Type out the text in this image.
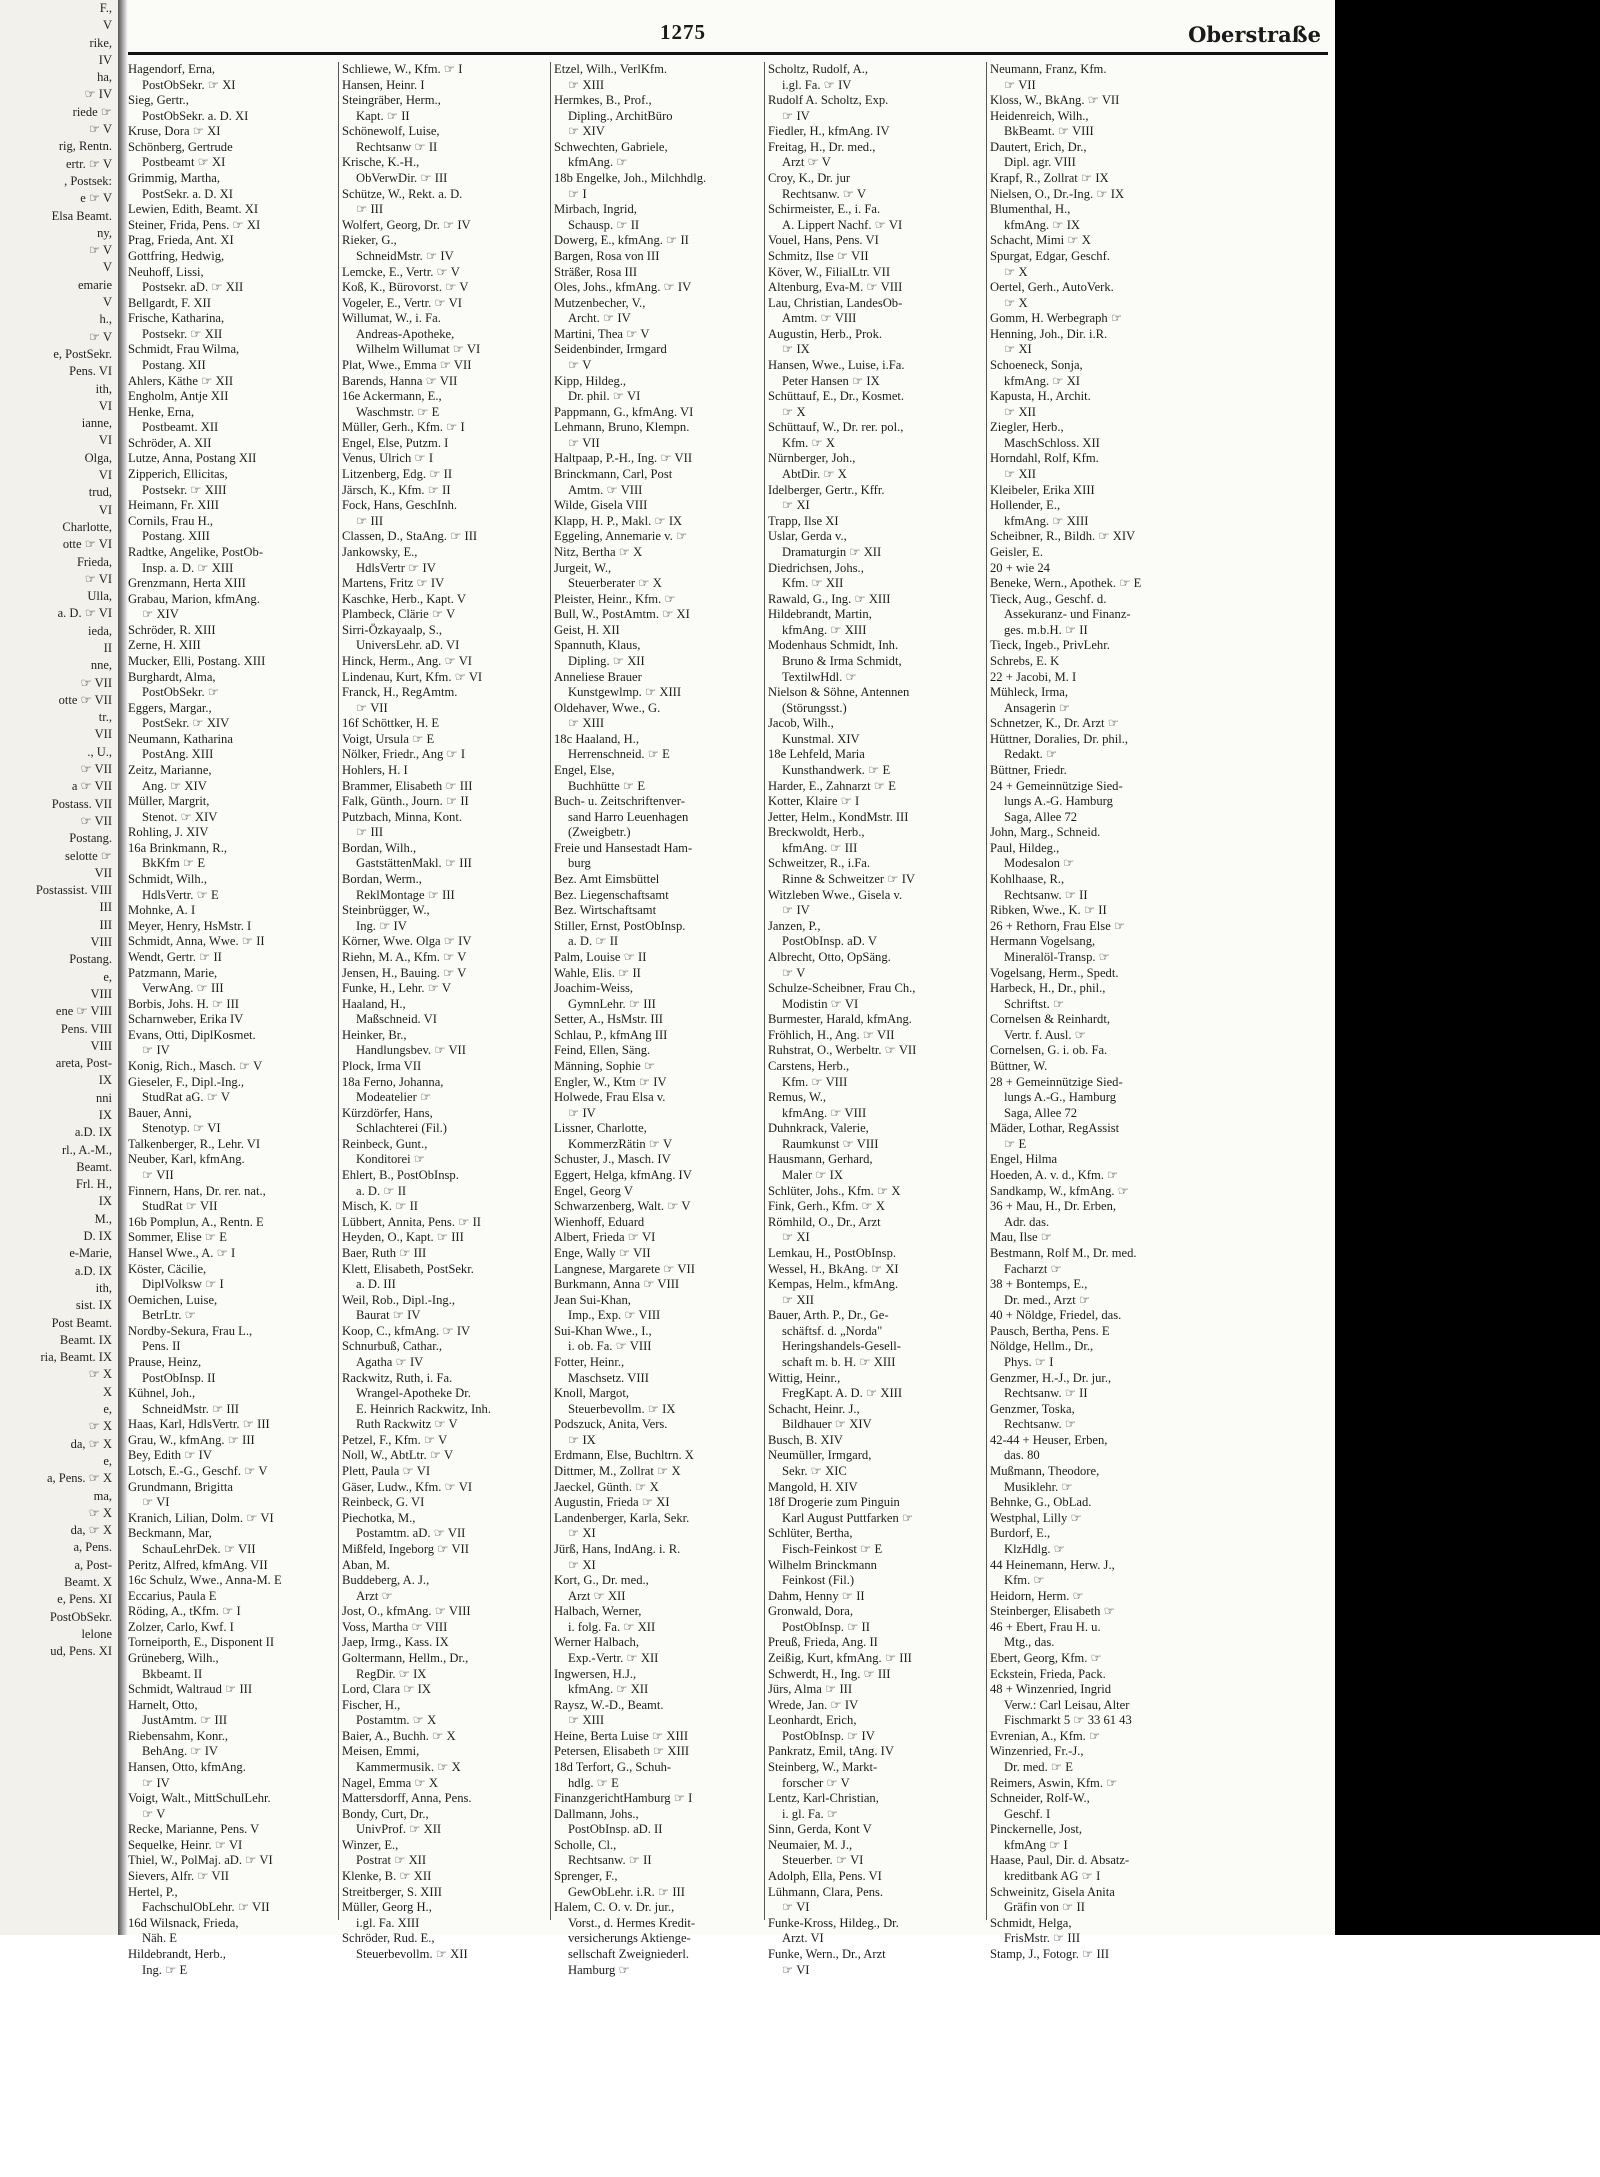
F.,
V
rike,
IV
ha,
☞ IV
riede ☞
☞ V
rig, Rentn.
ertr. ☞ V
, Postsek:
e ☞ V
Elsa Beamt.
ny,
☞ V
V
emarie
V
h.,
☞ V
e, PostSekr.
Pens. VI
ith,
VI
ianne,
VI
Olga,
VI
trud,
VI
Charlotte,
otte ☞ VI
Frieda,
☞ VI
Ulla,
a. D. ☞ VI
ieda,
II
nne,
☞ VII
otte ☞ VII
tr.,
VII
., U.,
☞ VII
a ☞ VII
Postass. VII
☞ VII
Postang.
selotte ☞
VII
Postassist. VIII
III
III
VIII
Postang.
e,
VIII
ene ☞ VIII
Pens. VIII
VIII
areta, Post-
IX
nni
IX
a.D. IX
rl., A.-M.,
Beamt.
Frl. H.,
IX
M.,
D. IX
e-Marie,
a.D. IX
ith,
sist. IX
Post Beamt.
Beamt. IX
ria, Beamt. IX
☞ X
X
e,
☞ X
da, ☞ X
e,
a, Pens. ☞ X
ma,
☞ X
da, ☞ X
a, Pens.
a, Post-
Beamt. X
e, Pens. XI
PostObSekr.
lelone
ud, Pens. XI
1275	Oberstraße
Hagendorf, Erna,
PostObSekr. ☞ XI
Sieg, Gertr.,
PostObSekr. a. D. XI
Kruse, Dora ☞ XI
Schönberg, Gertrude
Postbeamt ☞ XI
Grimmig, Martha,
PostSekr. a. D. XI
Lewien, Edith, Beamt. XI
Steiner, Frida, Pens. ☞ XI
Prag, Frieda, Ant. XI
Gottfring, Hedwig,
Neuhoff, Lissi,
Postsekr. aD. ☞ XII
Bellgardt, F. XII
Frische, Katharina,
Postsekr. ☞ XII
Schmidt, Frau Wilma,
Postang. XII
Ahlers, Käthe ☞ XII
Engholm, Antje XII
Henke, Erna,
Postbeamt. XII
Schröder, A. XII
Lutze, Anna, Postang XII
Zipperich, Ellicitas,
Postsekr. ☞ XIII
Heimann, Fr. XIII
Cornils, Frau H.,
Postang. XIII
Radtke, Angelike, PostOb-
Insp. a. D. ☞ XIII
Grenzmann, Herta XIII
Grabau, Marion, kfmAng.
☞ XIV
Schröder, R. XIII
Zerne, H. XIII
Mucker, Elli, Postang. XIII
Burghardt, Alma,
PostObSekr. ☞
Eggers, Margar.,
PostSekr. ☞ XIV
Neumann, Katharina
PostAng. XIII
Zeitz, Marianne,
Ang. ☞ XIV
Müller, Margrit,
Stenot. ☞ XIV
Rohling, J. XIV
16a Brinkmann, R.,
BkKfm ☞ E
Schmidt, Wilh.,
HdlsVertr. ☞ E
Mohnke, A. I
Meyer, Henry, HsMstr. I
Schmidt, Anna, Wwe. ☞ II
Wendt, Gertr. ☞ II
Patzmann, Marie,
VerwAng. ☞ III
Borbis, Johs. H. ☞ III
Scharnweber, Erika IV
Evans, Otti, DiplKosmet.
☞ IV
Konig, Rich., Masch. ☞ V
Gieseler, F., Dipl.-Ing.,
StudRat aG. ☞ V
Bauer, Anni,
Stenotyp. ☞ VI
Talkenberger, R., Lehr. VI
Neuber, Karl, kfmAng.
☞ VII
Finnern, Hans, Dr. rer. nat.,
StudRat ☞ VII
16b Pomplun, A., Rentn. E
Sommer, Elise ☞ E
Hansel Wwe., A. ☞ I
Köster, Cäcilie,
DiplVolksw ☞ I
Oemichen, Luise,
BetrLtr. ☞
Nordby-Sekura, Frau L.,
Pens. II
Prause, Heinz,
PostObInsp. II
Kühnel, Joh.,
SchneidMstr. ☞ III
Haas, Karl, HdlsVertr. ☞ III
Grau, W., kfmAng. ☞ III
Bey, Edith ☞ IV
Lotsch, E.-G., Geschf. ☞ V
Grundmann, Brigitta
☞ VI
Kranich, Lilian, Dolm. ☞ VI
Beckmann, Mar,
SchauLehrDek. ☞ VII
Peritz, Alfred, kfmAng. VII
16c Schulz, Wwe., Anna-M. E
Eccarius, Paula E
Röding, A., tKfm. ☞ I
Zolzer, Carlo, Kwf. I
Torneiporth, E., Disponent II
Grüneberg, Wilh.,
Bkbeamt. II
Schmidt, Waltraud ☞ III
Harnelt, Otto,
JustAmtm. ☞ III
Riebensahm, Konr.,
BehAng. ☞ IV
Hansen, Otto, kfmAng.
☞ IV
Voigt, Walt., MittSchulLehr.
☞ V
Recke, Marianne, Pens. V
Sequelke, Heinr. ☞ VI
Thiel, W., PolMaj. aD. ☞ VI
Sievers, Alfr. ☞ VII
Hertel, P.,
FachschulObLehr. ☞ VII
16d Wilsnack, Frieda,
Näh. E
Hildebrandt, Herb.,
Ing. ☞ E
Schliewe, W., Kfm. ☞ I
Hansen, Heinr. I
Steingräber, Herm.,
Kapt. ☞ II
Schönewolf, Luise,
Rechtsanw ☞ II
Krische, K.-H.,
ObVerwDir. ☞ III
Schütze, W., Rekt. a. D.
☞ III
Wolfert, Georg, Dr. ☞ IV
Rieker, G.,
SchneidMstr. ☞ IV
Lemcke, E., Vertr. ☞ V
Koß, K., Bürovorst. ☞ V
Vogeler, E., Vertr. ☞ VI
Willumat, W., i. Fa.
Andreas-Apotheke,
Wilhelm Willumat ☞ VI
Plat, Wwe., Emma ☞ VII
Barends, Hanna ☞ VII
16e Ackermann, E.,
Waschmstr. ☞ E
Müller, Gerh., Kfm. ☞ I
Engel, Else, Putzm. I
Venus, Ulrich ☞ I
Litzenberg, Edg. ☞ II
Järsch, K., Kfm. ☞ II
Fock, Hans, GeschInh.
☞ III
Classen, D., StaAng. ☞ III
Jankowsky, E.,
HdlsVertr ☞ IV
Martens, Fritz ☞ IV
Kaschke, Herb., Kapt. V
Plambeck, Clärie ☞ V
Sirri-Özkayaalp, S.,
UniversLehr. aD. VI
Hinck, Herm., Ang. ☞ VI
Lindenau, Kurt, Kfm. ☞ VI
Franck, H., RegAmtm.
☞ VII
16f Schöttker, H. E
Voigt, Ursula ☞ E
Nölker, Friedr., Ang ☞ I
Hohlers, H. I
Brammer, Elisabeth ☞ III
Falk, Günth., Journ. ☞ II
Putzbach, Minna, Kont.
☞ III
Bordan, Wilh.,
GaststättenMakl. ☞ III
Bordan, Werm.,
ReklMontage ☞ III
Steinbrügger, W.,
Ing. ☞ IV
Körner, Wwe. Olga ☞ IV
Riehn, M. A., Kfm. ☞ V
Jensen, H., Bauing. ☞ V
Funke, H., Lehr. ☞ V
Haaland, H.,
Maßschneid. VI
Heinker, Br.,
Handlungsbev. ☞ VII
Plock, Irma VII
18a Ferno, Johanna,
Modeatelier ☞
Kürzdörfer, Hans,
Schlachterei (Fil.)
Reinbeck, Gunt.,
Konditorei ☞
Ehlert, B., PostObInsp.
a. D. ☞ II
Misch, K. ☞ II
Lübbert, Annita, Pens. ☞ II
Heyden, O., Kapt. ☞ III
Baer, Ruth ☞ III
Klett, Elisabeth, PostSekr.
a. D. III
Weil, Rob., Dipl.-Ing.,
Baurat ☞ IV
Koop, C., kfmAng. ☞ IV
Schnurbuß, Cathar.,
Agatha ☞ IV
Rackwitz, Ruth, i. Fa.
Wrangel-Apotheke Dr.
E. Heinrich Rackwitz, Inh.
Ruth Rackwitz ☞ V
Petzel, F., Kfm. ☞ V
Noll, W., AbtLtr. ☞ V
Plett, Paula ☞ VI
Gäser, Ludw., Kfm. ☞ VI
Reinbeck, G. VI
Piechotka, M.,
Postamtm. aD. ☞ VII
Mißfeld, Ingeborg ☞ VII
Aban, M.
Buddeberg, A. J.,
Arzt ☞
Jost, O., kfmAng. ☞ VIII
Voss, Martha ☞ VIII
Jaep, Irmg., Kass. IX
Goltermann, Hellm., Dr.,
RegDir. ☞ IX
Lord, Clara ☞ IX
Fischer, H.,
Postamtm. ☞ X
Baier, A., Buchh. ☞ X
Meisen, Emmi,
Kammermusik. ☞ X
Nagel, Emma ☞ X
Mattersdorff, Anna, Pens.
Bondy, Curt, Dr.,
UnivProf. ☞ XII
Winzer, E.,
Postrat ☞ XII
Klenke, B. ☞ XII
Streitberger, S. XIII
Müller, Georg H.,
i.gl. Fa. XIII
Schröder, Rud. E.,
Steuerbevollm. ☞ XII
Etzel, Wilh., VerlKfm.
☞ XIII
Hermkes, B., Prof.,
Dipling., ArchitBüro
☞ XIV
Schwechten, Gabriele,
kfmAng. ☞
18b Engelke, Joh., Milchhdlg.
☞ I
Mirbach, Ingrid,
Schausp. ☞ II
Dowerg, E., kfmAng. ☞ II
Bargen, Rosa von III
Sträßer, Rosa III
Oles, Johs., kfmAng. ☞ IV
Mutzenbecher, V.,
Archt. ☞ IV
Martini, Thea ☞ V
Seidenbinder, Irmgard
☞ V
Kipp, Hildeg.,
Dr. phil. ☞ VI
Pappmann, G., kfmAng. VI
Lehmann, Bruno, Klempn.
☞ VII
Haltpaap, P.-H., Ing. ☞ VII
Brinckmann, Carl, Post
Amtm. ☞ VIII
Wilde, Gisela VIII
Klapp, H. P., Makl. ☞ IX
Eggeling, Annemarie v. ☞
Nitz, Bertha ☞ X
Jurgeit, W.,
Steuerberater ☞ X
Pleister, Heinr., Kfm. ☞
Bull, W., PostAmtm. ☞ XI
Geist, H. XII
Spannuth, Klaus,
Dipling. ☞ XII
Anneliese Brauer
Kunstgewlmp. ☞ XIII
Oldehaver, Wwe., G.
☞ XIII
18c Haaland, H.,
Herrenschneid. ☞ E
Engel, Else,
Buchhütte ☞ E
Buch- u. Zeitschriftenver-
sand Harro Leuenhagen
(Zweigbetr.)
Freie und Hansestadt Ham-
burg
Bez. Amt Eimsbüttel
Bez. Liegenschaftsamt
Bez. Wirtschaftsamt
Stiller, Ernst, PostObInsp.
a. D. ☞ II
Palm, Louise ☞ II
Wahle, Elis. ☞ II
Joachim-Weiss,
GymnLehr. ☞ III
Setter, A., HsMstr. III
Schlau, P., kfmAng III
Feind, Ellen, Säng.
Männing, Sophie ☞
Engler, W., Ktm ☞ IV
Holwede, Frau Elsa v.
☞ IV
Lissner, Charlotte,
KommerzRätin ☞ V
Schuster, J., Masch. IV
Eggert, Helga, kfmAng. IV
Engel, Georg V
Schwarzenberg, Walt. ☞ V
Wienhoff, Eduard
Albert, Frieda ☞ VI
Enge, Wally ☞ VII
Langnese, Margarete ☞ VII
Burkmann, Anna ☞ VIII
Jean Sui-Khan,
Imp., Exp. ☞ VIII
Sui-Khan Wwe., I.,
i. ob. Fa. ☞ VIII
Fotter, Heinr.,
Maschsetz. VIII
Knoll, Margot,
Steuerbevollm. ☞ IX
Podszuck, Anita, Vers.
☞ IX
Erdmann, Else, Buchltrn. X
Dittmer, M., Zollrat ☞ X
Jaeckel, Günth. ☞ X
Augustin, Frieda ☞ XI
Landenberger, Karla, Sekr.
☞ XI
Jürß, Hans, IndAng. i. R.
☞ XI
Kort, G., Dr. med.,
Arzt ☞ XII
Halbach, Werner,
i. folg. Fa. ☞ XII
Werner Halbach,
Exp.-Vertr. ☞ XII
Ingwersen, H.J.,
kfmAng. ☞ XII
Raysz, W.-D., Beamt.
☞ XIII
Heine, Berta Luise ☞ XIII
Petersen, Elisabeth ☞ XIII
18d Terfort, G., Schuh-
hdlg. ☞ E
FinanzgerichtHamburg ☞ I
Dallmann, Johs.,
PostObInsp. aD. II
Scholle, Cl.,
Rechtsanw. ☞ II
Sprenger, F.,
GewObLehr. i.R. ☞ III
Halem, C. O. v. Dr. jur.,
Vorst., d. Hermes Kredit-
versicherungs Aktienge-
sellschaft Zweigniederl.
Hamburg ☞
Scholtz, Rudolf, A.,
i.gl. Fa. ☞ IV
Rudolf A. Scholtz, Exp.
☞ IV
Fiedler, H., kfmAng. IV
Freitag, H., Dr. med.,
Arzt ☞ V
Croy, K., Dr. jur
Rechtsanw. ☞ V
Schirmeister, E., i. Fa.
A. Lippert Nachf. ☞ VI
Vouel, Hans, Pens. VI
Schmitz, Ilse ☞ VII
Köver, W., FilialLtr. VII
Altenburg, Eva-M. ☞ VIII
Lau, Christian, LandesOb-
Amtm. ☞ VIII
Augustin, Herb., Prok.
☞ IX
Hansen, Wwe., Luise, i.Fa.
Peter Hansen ☞ IX
Schüttauf, E., Dr., Kosmet.
☞ X
Schüttauf, W., Dr. rer. pol.,
Kfm. ☞ X
Nürnberger, Joh.,
AbtDir. ☞ X
Idelberger, Gertr., Kffr.
☞ XI
Trapp, Ilse XI
Uslar, Gerda v.,
Dramaturgin ☞ XII
Diedrichsen, Johs.,
Kfm. ☞ XII
Rawald, G., Ing. ☞ XIII
Hildebrandt, Martin,
kfmAng. ☞ XIII
Modenhaus Schmidt, Inh.
Bruno & Irma Schmidt,
TextilwHdl. ☞
Nielson & Söhne, Antennen
(Störungsst.)
Jacob, Wilh.,
Kunstmal. XIV
18e Lehfeld, Maria
Kunsthandwerk. ☞ E
Harder, E., Zahnarzt ☞ E
Kotter, Klaire ☞ I
Jetter, Helm., KondMstr. III
Breckwoldt, Herb.,
kfmAng. ☞ III
Schweitzer, R., i.Fa.
Rinne & Schweitzer ☞ IV
Witzleben Wwe., Gisela v.
☞ IV
Janzen, P.,
PostObInsp. aD. V
Albrecht, Otto, OpSäng.
☞ V
Schulze-Scheibner, Frau Ch.,
Modistin ☞ VI
Burmester, Harald, kfmAng.
Fröhlich, H., Ang. ☞ VII
Ruhstrat, O., Werbeltr. ☞ VII
Carstens, Herb.,
Kfm. ☞ VIII
Remus, W.,
kfmAng. ☞ VIII
Duhnkrack, Valerie,
Raumkunst ☞ VIII
Hausmann, Gerhard,
Maler ☞ IX
Schlüter, Johs., Kfm. ☞ X
Fink, Gerh., Kfm. ☞ X
Römhild, O., Dr., Arzt
☞ XI
Lemkau, H., PostObInsp.
Wessel, H., BkAng. ☞ XI
Kempas, Helm., kfmAng.
☞ XII
Bauer, Arth. P., Dr., Ge-
schäftsf. d. „Norda"
Heringshandels-Gesell-
schaft m. b. H. ☞ XIII
Wittig, Heinr.,
FregKapt. A. D. ☞ XIII
Schacht, Heinr. J.,
Bildhauer ☞ XIV
Busch, B. XIV
Neumüller, Irmgard,
Sekr. ☞ XIC
Mangold, H. XIV
18f Drogerie zum Pinguin
Karl August Puttfarken ☞
Schlüter, Bertha,
Fisch-Feinkost ☞ E
Wilhelm Brinckmann
Feinkost (Fil.)
Dahm, Henny ☞ II
Gronwald, Dora,
PostObInsp. ☞ II
Preuß, Frieda, Ang. II
Zeißig, Kurt, kfmAng. ☞ III
Schwerdt, H., Ing. ☞ III
Jürs, Alma ☞ III
Wrede, Jan. ☞ IV
Leonhardt, Erich,
PostObInsp. ☞ IV
Pankratz, Emil, tAng. IV
Steinberg, W., Markt-
forscher ☞ V
Lentz, Karl-Christian,
i. gl. Fa. ☞
Sinn, Gerda, Kont V
Neumaier, M. J.,
Steuerber. ☞ VI
Adolph, Ella, Pens. VI
Lühmann, Clara, Pens.
☞ VI
Funke-Kross, Hildeg., Dr.
Arzt. VI
Funke, Wern., Dr., Arzt
☞ VI
Neumann, Franz, Kfm.
☞ VII
Kloss, W., BkAng. ☞ VII
Heidenreich, Wilh.,
BkBeamt. ☞ VIII
Dautert, Erich, Dr.,
Dipl. agr. VIII
Krapf, R., Zollrat ☞ IX
Nielsen, O., Dr.-Ing. ☞ IX
Blumenthal, H.,
kfmAng. ☞ IX
Schacht, Mimi ☞ X
Spurgat, Edgar, Geschf.
☞ X
Oertel, Gerh., AutoVerk.
☞ X
Gomm, H. Werbegraph ☞
Henning, Joh., Dir. i.R.
☞ XI
Schoeneck, Sonja,
kfmAng. ☞ XI
Kapusta, H., Archit.
☞ XII
Ziegler, Herb.,
MaschSchloss. XII
Horndahl, Rolf, Kfm.
☞ XII
Kleibeler, Erika XIII
Hollender, E.,
kfmAng. ☞ XIII
Scheibner, R., Bildh. ☞ XIV
Geisler, E.
20 + wie 24
Beneke, Wern., Apothek. ☞ E
Tieck, Aug., Geschf. d.
Assekuranz- und Finanz-
ges. m.b.H. ☞ II
Tieck, Ingeb., PrivLehr.
Schrebs, E. K
22 + Jacobi, M. I
Mühleck, Irma,
Ansagerin ☞
Schnetzer, K., Dr. Arzt ☞
Hüttner, Doralies, Dr. phil.,
Redakt. ☞
Büttner, Friedr.
24 + Gemeinnützige Sied-
lungs A.-G. Hamburg
Saga, Allee 72
John, Marg., Schneid.
Paul, Hildeg.,
Modesalon ☞
Kohlhaase, R.,
Rechtsanw. ☞ II
Ribken, Wwe., K. ☞ II
26 + Rethorn, Frau Else ☞
Hermann Vogelsang,
Mineralöl-Transp. ☞
Vogelsang, Herm., Spedt.
Harbeck, H., Dr., phil.,
Schriftst. ☞
Cornelsen & Reinhardt,
Vertr. f. Ausl. ☞
Cornelsen, G. i. ob. Fa.
Büttner, W.
28 + Gemeinnützige Sied-
lungs A.-G., Hamburg
Saga, Allee 72
Mäder, Lothar, RegAssist
☞ E
Engel, Hilma
Hoeden, A. v. d., Kfm. ☞
Sandkamp, W., kfmAng. ☞
36 + Mau, H., Dr. Erben,
Adr. das.
Mau, Ilse ☞
Bestmann, Rolf M., Dr. med.
Facharzt ☞
38 + Bontemps, E.,
Dr. med., Arzt ☞
40 + Nöldge, Friedel, das.
Pausch, Bertha, Pens. E
Nöldge, Hellm., Dr.,
Phys. ☞ I
Genzmer, H.-J., Dr. jur.,
Rechtsanw. ☞ II
Genzmer, Toska,
Rechtsanw. ☞
42-44 + Heuser, Erben,
das. 80
Mußmann, Theodore,
Musiklehr. ☞
Behnke, G., ObLad.
Westphal, Lilly ☞
Burdorf, E.,
KlzHdlg. ☞
44 Heinemann, Herw. J.,
Kfm. ☞
Heidorn, Herm. ☞
Steinberger, Elisabeth ☞
46 + Ebert, Frau H. u.
Mtg., das.
Ebert, Georg, Kfm. ☞
Eckstein, Frieda, Pack.
48 + Winzenried, Ingrid
Verw.: Carl Leisau, Alter
Fischmarkt 5 ☞ 33 61 43
Evrenian, A., Kfm. ☞
Winzenried, Fr.-J.,
Dr. med. ☞ E
Reimers, Aswin, Kfm. ☞
Schneider, Rolf-W.,
Geschf. I
Pinckernelle, Jost,
kfmAng ☞ I
Haase, Paul, Dir. d. Absatz-
kreditbank AG ☞ I
Schweinitz, Gisela Anita
Gräfin von ☞ II
Schmidt, Helga,
FrisMstr. ☞ III
Stamp, J., Fotogr. ☞ III
